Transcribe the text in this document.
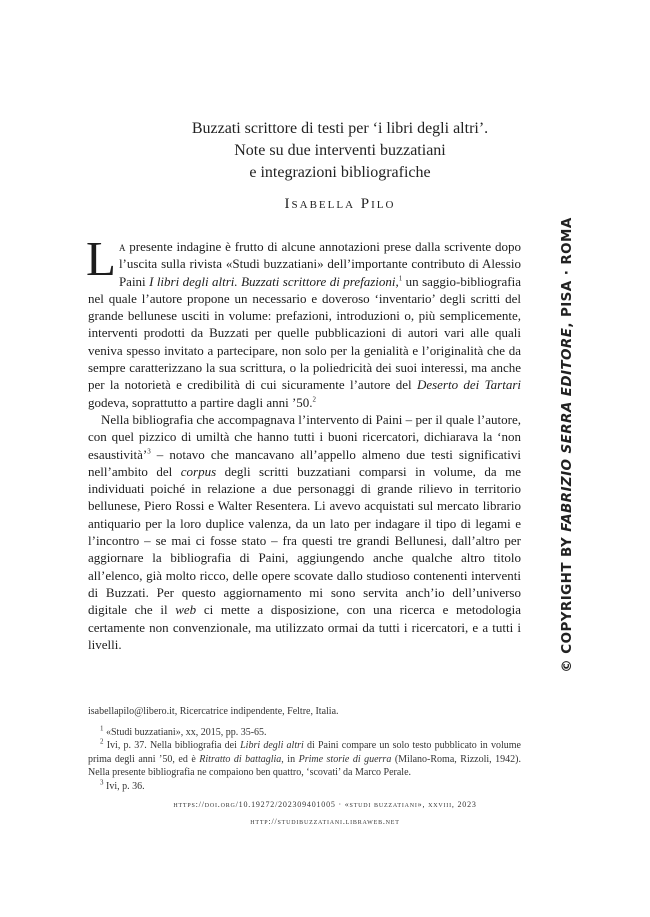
Buzzati scrittore di testi per ‘i libri degli altri’.
Note su due interventi buzzatiani
e integrazioni bibliografiche
Isabella Pilo

La presente indagine è frutto di alcune annotazioni prese dalla scrivente dopo l’uscita sulla rivista «Studi buzzatiani» dell’importante contributo di Alessio Paini I libri degli altri. Buzzati scrittore di prefazioni,$^1$ un saggio-bibliografia nel quale l’autore propone un necessario e doveroso ‘inventario’ degli scritti del grande bellunese usciti in volume: prefazioni, introduzioni o, più semplicemente, interventi prodotti da Buzzati per quelle pubblicazioni di autori vari alle quali veniva spesso invitato a partecipare, non solo per la genialità e l’originalità che da sempre caratterizzano la sua scrittura, o la poliedricità dei suoi interessi, ma anche per la notorietà e credibilità di cui sicuramente l’autore del Deserto dei Tartari godeva, soprattutto a partire dagli anni ’50.$^2$

Nella bibliografia che accompagnava l’intervento di Paini – per il quale l’autore, con quel pizzico di umiltà che hanno tutti i buoni ricercatori, dichiarava la ‘non esaustività’$^3$ – notavo che mancavano all’appello almeno due testi significativi nell’ambito del corpus degli scritti buzzatiani comparsi in volume, da me individuati poiché in relazione a due personaggi di grande rilievo in territorio bellunese, Piero Rossi e Walter Resentera. Li avevo acquistati sul mercato librario antiquario per la loro duplice valenza, da un lato per indagare il tipo di legami e l’incontro – se mai ci fosse stato – fra questi tre grandi Bellunesi, dall’altro per aggiornare la bibliografia di Paini, aggiungendo anche qualche altro titolo all’elenco, già molto ricco, delle opere scovate dallo studioso contenenti interventi di Buzzati. Per questo aggiornamento mi sono servita anch’io dell’universo digitale che il web ci mette a disposizione, con una ricerca e metodologia certamente non convenzionale, ma utilizzato ormai da tutti i ricercatori, e a tutti i livelli.

isabellapilo@libero.it, Ricercatrice indipendente, Feltre, Italia.

$^1$ «Studi buzzatiani», xx, 2015, pp. 35-65.

$^2$ Ivi, p. 37. Nella bibliografia dei Libri degli altri di Paini compare un solo testo pubblicato in volume prima degli anni ’50, ed è Ritratto di battaglia, in Prime storie di guerra (Milano-Roma, Rizzoli, 1942). Nella presente bibliografia ne compaiono ben quattro, ‘scovati’ da Marco Perale.

$^3$ Ivi, p. 36.

https://doi.org/10.19272/202309401005 · «studi buzzatiani», xxviii, 2023
http://studibuzzatiani.libraweb.net
© COPYRIGHT BY FABRIZIO SERRA EDITORE, PISA · ROMA
